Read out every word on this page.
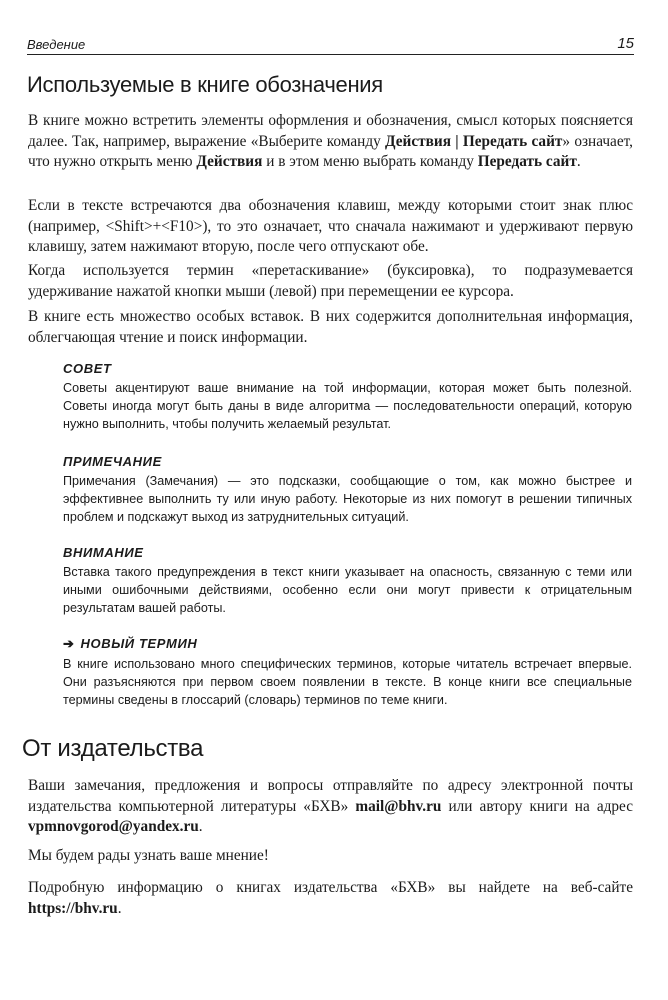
Введение	15
Используемые в книге обозначения

В книге можно встретить элементы оформления и обозначения, смысл которых поясняется далее. Так, например, выражение «Выберите команду Действия | Передать сайт» означает, что нужно открыть меню Действия и в этом меню выбрать команду Передать сайт.

Если в тексте встречаются два обозначения клавиш, между которыми стоит знак плюс (например, <Shift>+<F10>), то это означает, что сначала нажимают и удерживают первую клавишу, затем нажимают вторую, после чего отпускают обе.

Когда используется термин «перетаскивание» (буксировка), то подразумевается удерживание нажатой кнопки мыши (левой) при перемещении ее курсора.

В книге есть множество особых вставок. В них содержится дополнительная информация, облегчающая чтение и поиск информации.

СОВЕТ

Советы акцентируют ваше внимание на той информации, которая может быть полезной. Советы иногда могут быть даны в виде алгоритма — последовательности операций, которую нужно выполнить, чтобы получить желаемый результат.

ПРИМЕЧАНИЕ

Примечания (Замечания) — это подсказки, сообщающие о том, как можно быстрее и эффективнее выполнить ту или иную работу. Некоторые из них помогут в решении типичных проблем и подскажут выход из затруднительных ситуаций.

ВНИМАНИЕ

Вставка такого предупреждения в текст книги указывает на опасность, связанную с теми или иными ошибочными действиями, особенно если они могут привести к отрицательным результатам вашей работы.

➔ НОВЫЙ ТЕРМИН

В книге использовано много специфических терминов, которые читатель встречает впервые. Они разъясняются при первом своем появлении в тексте. В конце книги все специальные термины сведены в глоссарий (словарь) терминов по теме книги.

От издательства

Ваши замечания, предложения и вопросы отправляйте по адресу электронной почты издательства компьютерной литературы «БХВ» mail@bhv.ru или автору книги на адрес vpmnovgorod@yandex.ru.

Мы будем рады узнать ваше мнение!

Подробную информацию о книгах издательства «БХВ» вы найдете на веб-сайте https://bhv.ru.
